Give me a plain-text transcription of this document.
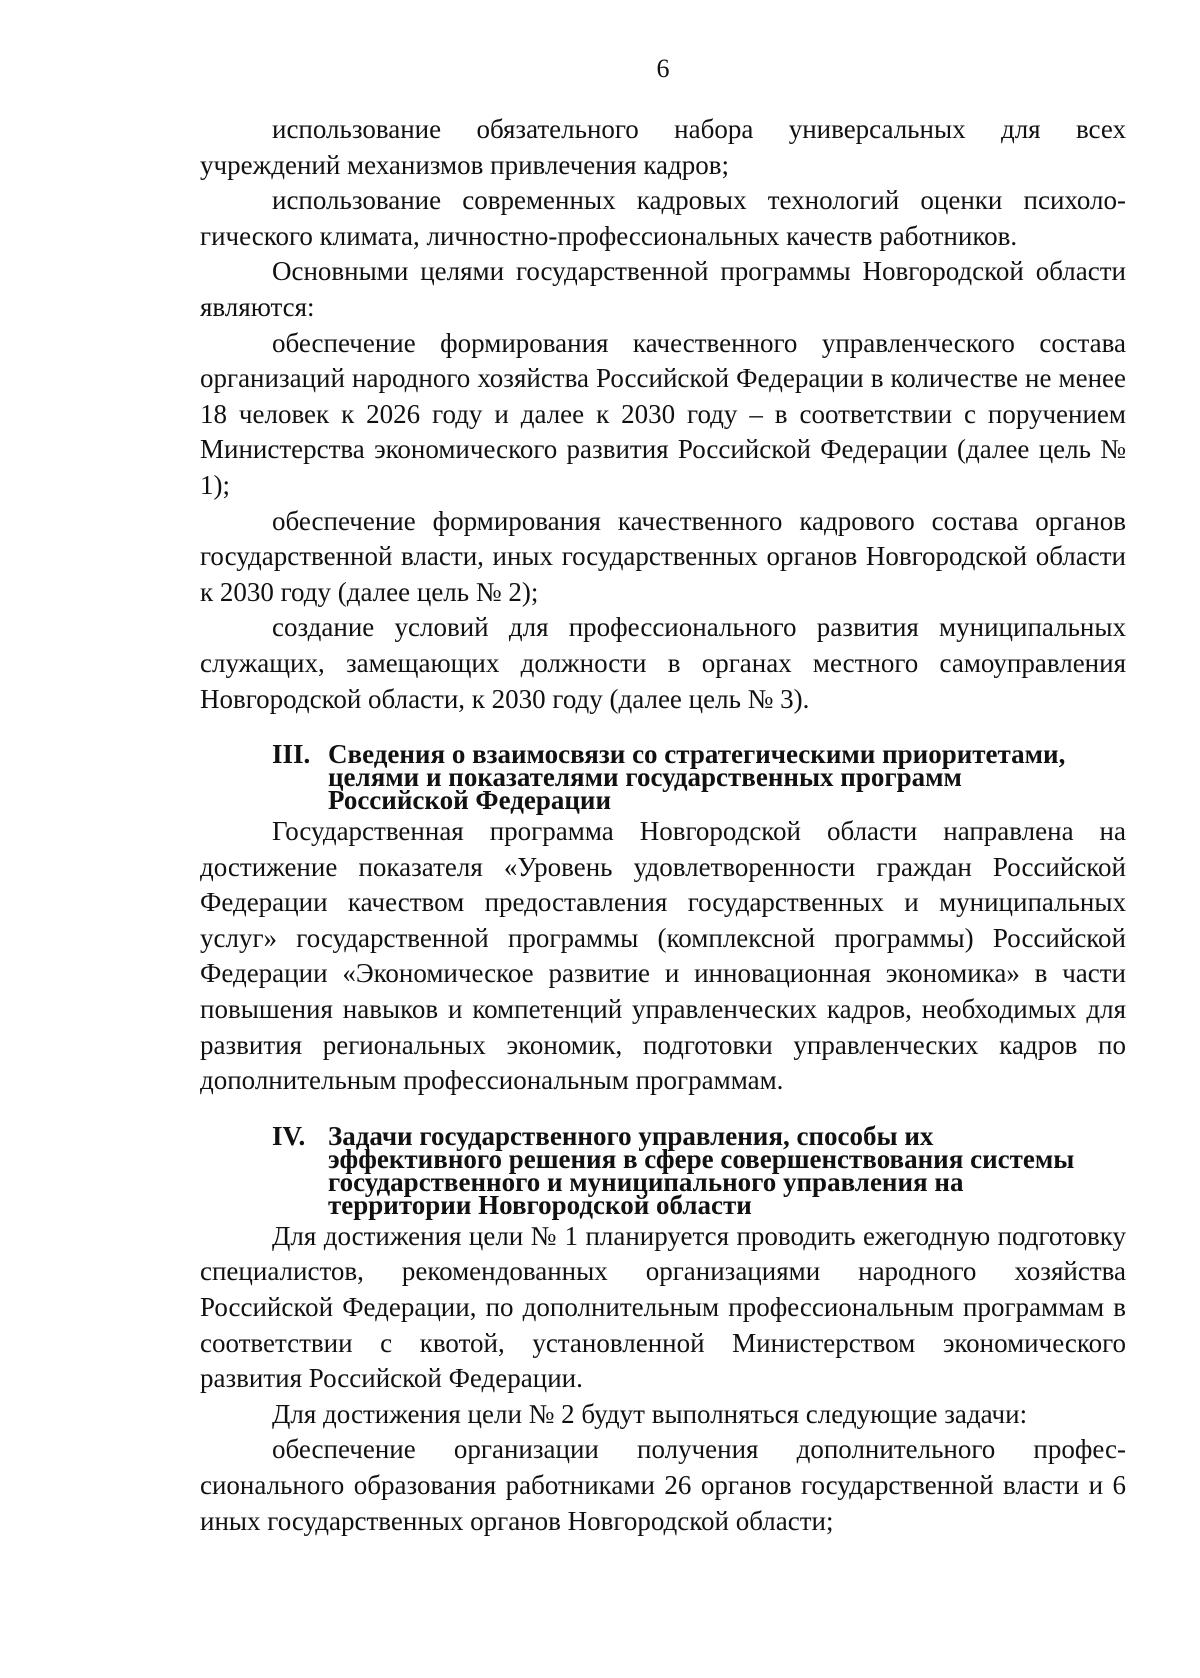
6

использование обязательного набора универсальных для всех учреждений механизмов привлечения кадров;

использование современных кадровых технологий оценки психологического климата, личностно-профессиональных качеств работников.

Основными целями государственной программы Новгородской области являются:

обеспечение формирования качественного управленческого состава организаций народного хозяйства Российской Федерации в количестве не менее 18 человек к 2026 году и далее к 2030 году – в соответствии с поручением Министерства экономического развития Российской Федерации (далее цель № 1);

обеспечение формирования качественного кадрового состава органов государственной власти, иных государственных органов Новгородской области к 2030 году (далее цель № 2);

создание условий для профессионального развития муниципальных служащих, замещающих должности в органах местного самоуправления Новгородской области, к 2030 году (далее цель № 3).

III. Сведения о взаимосвязи со стратегическими приоритетами, целями и показателями государственных программ Российской Федерации

Государственная программа Новгородской области направлена на достижение показателя «Уровень удовлетворенности граждан Российской Федерации качеством предоставления государственных и муниципальных услуг» государственной программы (комплексной программы) Российской Федерации «Экономическое развитие и инновационная экономика» в части повышения навыков и компетенций управленческих кадров, необходимых для развития региональных экономик, подготовки управленческих кадров по дополнительным профессиональным программам.

IV. Задачи государственного управления, способы их эффективного решения в сфере совершенствования системы государственного и муниципального управления на территории Новгородской области

Для достижения цели № 1 планируется проводить ежегодную подготовку специалистов, рекомендованных организациями народного хозяйства Российской Федерации, по дополнительным профессиональным программам в соответствии с квотой, установленной Министерством экономического развития Российской Федерации.

Для достижения цели № 2 будут выполняться следующие задачи:

обеспечение организации получения дополнительного профессионального образования работниками 26 органов государственной власти и 6 иных государственных органов Новгородской области;
